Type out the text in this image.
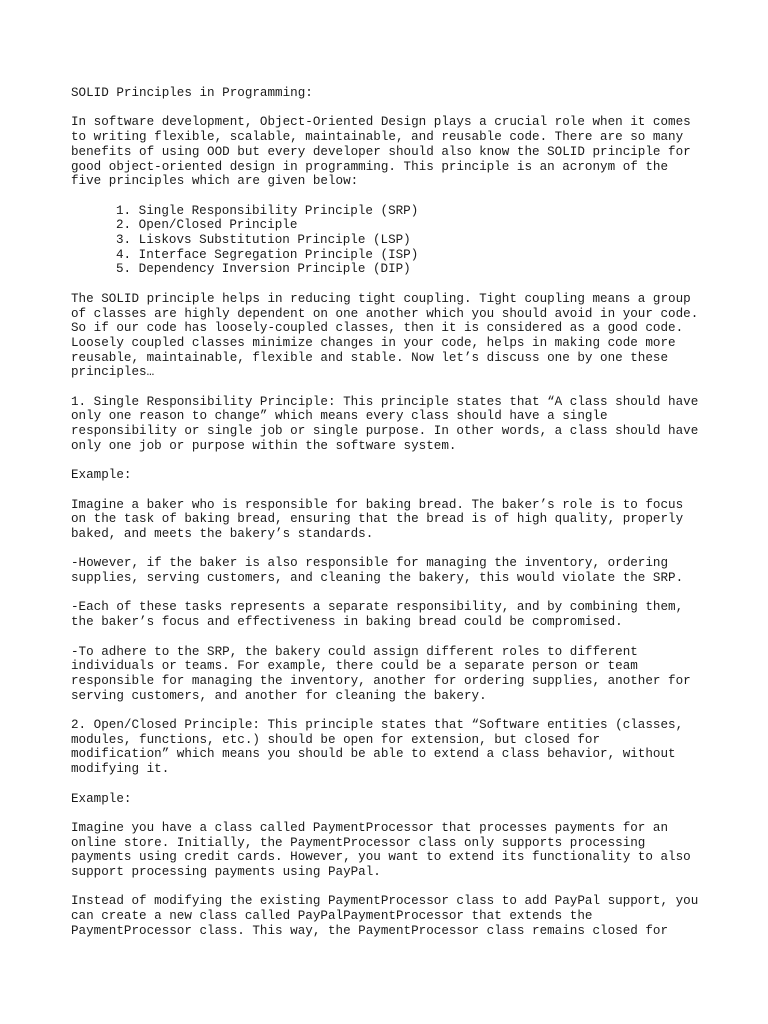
SOLID Principles in Programming:

In software development, Object-Oriented Design plays a crucial role when it comes
to writing flexible, scalable, maintainable, and reusable code. There are so many
benefits of using OOD but every developer should also know the SOLID principle for
good object-oriented design in programming. This principle is an acronym of the
five principles which are given below:

1. Single Responsibility Principle (SRP)
2. Open/Closed Principle
3. Liskovs Substitution Principle (LSP)
4. Interface Segregation Principle (ISP)
5. Dependency Inversion Principle (DIP)

The SOLID principle helps in reducing tight coupling. Tight coupling means a group
of classes are highly dependent on one another which you should avoid in your code.
So if our code has loosely-coupled classes, then it is considered as a good code.
Loosely coupled classes minimize changes in your code, helps in making code more
reusable, maintainable, flexible and stable. Now let’s discuss one by one these
principles…

1. Single Responsibility Principle: This principle states that “A class should have
only one reason to change” which means every class should have a single
responsibility or single job or single purpose. In other words, a class should have
only one job or purpose within the software system.

Example:

Imagine a baker who is responsible for baking bread. The baker’s role is to focus
on the task of baking bread, ensuring that the bread is of high quality, properly
baked, and meets the bakery’s standards.

-However, if the baker is also responsible for managing the inventory, ordering
supplies, serving customers, and cleaning the bakery, this would violate the SRP.

-Each of these tasks represents a separate responsibility, and by combining them,
the baker’s focus and effectiveness in baking bread could be compromised.

-To adhere to the SRP, the bakery could assign different roles to different
individuals or teams. For example, there could be a separate person or team
responsible for managing the inventory, another for ordering supplies, another for
serving customers, and another for cleaning the bakery.

2. Open/Closed Principle: This principle states that “Software entities (classes,
modules, functions, etc.) should be open for extension, but closed for
modification” which means you should be able to extend a class behavior, without
modifying it.

Example:

Imagine you have a class called PaymentProcessor that processes payments for an
online store. Initially, the PaymentProcessor class only supports processing
payments using credit cards. However, you want to extend its functionality to also
support processing payments using PayPal.

Instead of modifying the existing PaymentProcessor class to add PayPal support, you
can create a new class called PayPalPaymentProcessor that extends the
PaymentProcessor class. This way, the PaymentProcessor class remains closed for
